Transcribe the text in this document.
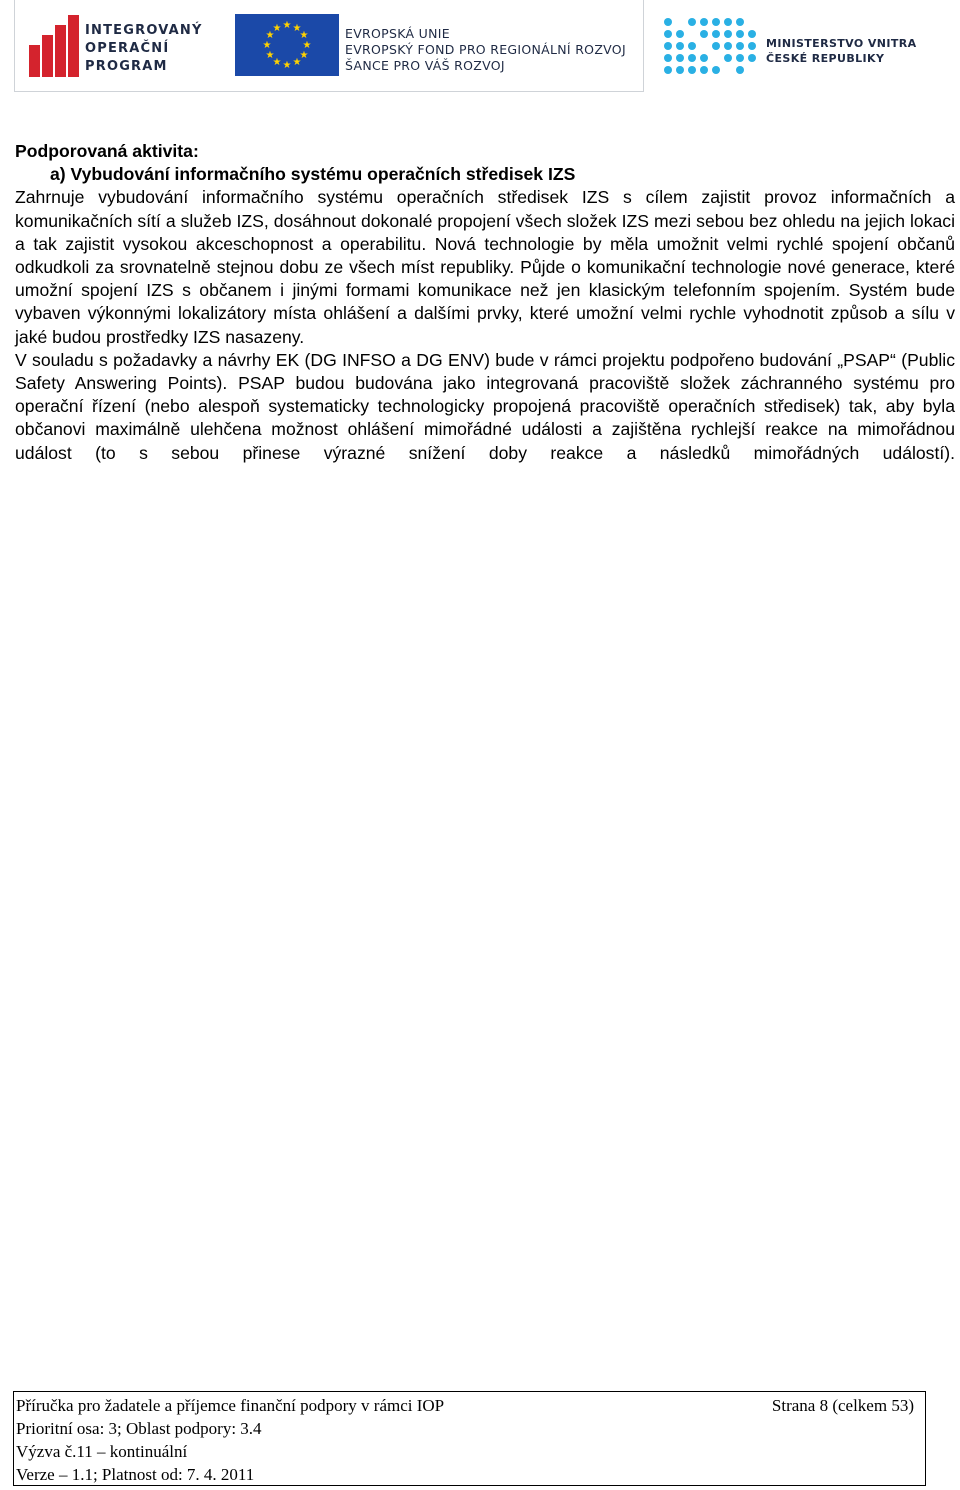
INTEGROVANÝ
OPERAČNÍ
PROGRAM
★ ★
★
★
★
★
★
★
★
★
★
★	EVROPSKÁ UNIE
EVROPSKÝ FOND PRO REGIONÁLNÍ ROZVOJ
ŠANCE PRO VÁŠ ROZVOJ
MINISTERSTVO VNITRA
ČESKÉ REPUBLIKY

Podporovaná aktivita:

a) Vybudování informačního systému operačních středisek IZS

Zahrnuje vybudování informačního systému operačních středisek IZS s cílem zajistit provoz informačních a komunikačních sítí a služeb IZS, dosáhnout dokonalé propojení všech složek IZS mezi sebou bez ohledu na jejich lokaci a tak zajistit vysokou akceschopnost a operabilitu. Nová technologie by měla umožnit velmi rychlé spojení občanů odkudkoli za srovnatelně stejnou dobu ze všech míst republiky. Půjde o komunikační technologie nové generace, které umožní spojení IZS s občanem i jinými formami komunikace než jen klasickým telefonním spojením. Systém bude vybaven výkonnými lokalizátory místa ohlášení a dalšími prvky, které umožní velmi rychle vyhodnotit způsob a sílu v jaké budou prostředky IZS nasazeny.

V souladu s požadavky a návrhy EK (DG INFSO a DG ENV) bude v rámci projektu podpořeno budování „PSAP“ (Public Safety Answering Points). PSAP budou budována jako integrovaná pracoviště složek záchranného systému pro operační řízení (nebo alespoň systematicky technologicky propojená pracoviště operačních středisek) tak, aby byla občanovi maximálně ulehčena možnost ohlášení mimořádné události a zajištěna rychlejší reakce na mimořádnou událost (to s sebou přinese výrazné snížení doby reakce a následků mimořádných událostí).

Příručka pro žadatele a příjemce finanční podpory v rámci IOP

Prioritní osa: 3; Oblast podpory: 3.4

Výzva č.11 – kontinuální

Verze – 1.1; Platnost od: 7. 4. 2011

Strana 8 (celkem 53)
